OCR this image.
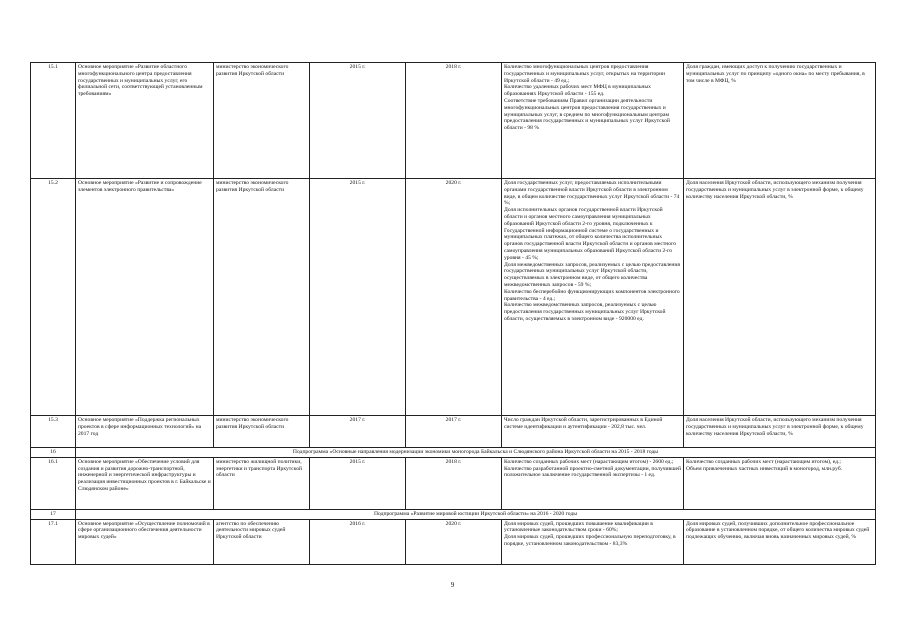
15.1	Основное мероприятие «Развитие областного многофункционального центра предоставления государственных и муниципальных услуг, его филиальной сети, соответствующей установленным требованиям»	министерство экономического развития Иркутской области	2015 г.	2018 г.	Количество многофункциональных центров предоставления государственных и муниципальных услуг, открытых на территории Иркутской области - 49 ед.;
Количество удаленных рабочих мест МФЦ в муниципальных образованиях Иркутской области - 155 ед.
Соответствие требованиям Правил организации деятельности многофункциональных центров предоставления государственных и муниципальных услуг, в среднем по многофункциональным центрам предоставления государственных и муниципальных услуг Иркутской области - 98 %	Доля граждан, имеющих доступ к получению государственных и муниципальных услуг по принципу «одного окна» по месту пребывания, в том числе в МФЦ, %
15.2	Основное мероприятие «Развитие и сопровождение элементов электронного правительства»	министерство экономического развития Иркутской области	2015 г.	2020 г.	Доля государственных услуг, предоставляемых исполнительными органами государственной власти Иркутской области в электронном виде, в общем количестве государственных услуг Иркутской области - 74 %;
Доля исполнительных органов государственной власти Иркутской области и органов местного самоуправления муниципальных образований Иркутской области 2-го уровня, подключенных к Государственной информационной системе о государственных и муниципальных платежах, от общего количества исполнительных органов государственной власти Иркутской области и органов местного самоуправления муниципальных образований Иркутской области 2-го уровня - 45 %;
Доля межведомственных запросов, реализуемых с целью предоставления государственных муниципальных услуг Иркутской области, осуществляемых в электронном виде, от общего количества межведомственных запросов - 59 %;
Количество бесперебойно функционирующих компонентов электронного правительства - 4 ед.;
Количество межведомственных запросов, реализуемых с целью предоставления государственных муниципальных услуг Иркутской области, осуществляемых в электронном виде - 920000 ед.	Доля населения Иркутской области, использующего механизм получения государственных и муниципальных услуг в электронной форме, к общему количеству населения Иркутской области, %
15.3	Основное мероприятие «Поддержка региональных проектов в сфере информационных технологий» на 2017 год	министерство экономического развития Иркутской области	2017 г.	2017 г.	Число граждан Иркутской области, зарегистрированных в Единой системе идентификации и аутентификации - 202,8 тыс. чел.	Доля населения Иркутской области, использующего механизм получения государственных и муниципальных услуг в электронной форме, к общему количеству населения Иркутской области, %
16	Подпрограмма «Основные направления модернизации экономики моногорода Байкальска и Слюдянского района Иркутской области на 2015 - 2018 годы					
16.1	Основное мероприятие «Обеспечение условий для создания и развития дорожно-транспортной, инженерной и энергетической инфраструктуры и реализация инвестиционных проектов в г. Байкальске и Слюдянском районе»	министерство жилищной политики, энергетики и транспорта Иркутской области	2015 г.	2018 г.	Количество созданных рабочих мест (нарастающим итогом) - 2600 ед.;
Количество разработанной проектно-сметной документации, получившей положительное заключение государственной экспертизы - 1 ед.	Количество созданных рабочих мест (нарастающим итогом), ед.;
Объем привлеченных частных инвестиций в моногород, млн.руб.

17	Подпрограмма «Развитие мировой юстиции Иркутской области» на 2016 - 2020 годы					
17.1	Основное мероприятие «Осуществление полномочий в сфере организационного обеспечения деятельности мировых судей»	агентство по обеспечению деятельности мировых судей Иркутской области	2016 г.	2020 г.	Доля мировых судей, прошедших повышение квалификации в установленные законодательством сроки - 60%;
Доля мировых судей, прошедших профессиональную переподготовку, в порядке, установленном законодательством - 83,3%	Доля мировых судей, получивших дополнительное профессиональное образование в установленном порядке, от общего количества мировых судей подлежащих обучению, включая вновь назначенных мировых судей, %
9
